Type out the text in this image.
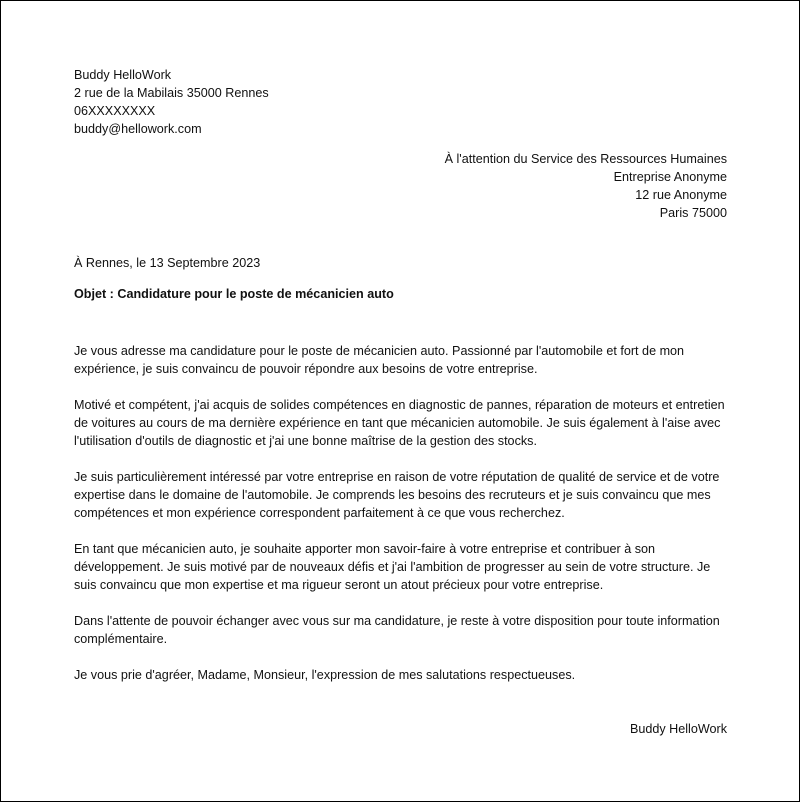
Buddy HelloWork
2 rue de la Mabilais 35000 Rennes
06XXXXXXXX
buddy@hellowork.com
À l'attention du Service des Ressources Humaines
Entreprise Anonyme
12 rue Anonyme
Paris 75000
À Rennes, le 13 Septembre 2023
Objet : Candidature pour le poste de mécanicien auto

Je vous adresse ma candidature pour le poste de mécanicien auto. Passionné par l'automobile et fort de mon expérience, je suis convaincu de pouvoir répondre aux besoins de votre entreprise.

Motivé et compétent, j'ai acquis de solides compétences en diagnostic de pannes, réparation de moteurs et entretien de voitures au cours de ma dernière expérience en tant que mécanicien automobile. Je suis également à l'aise avec l'utilisation d'outils de diagnostic et j'ai une bonne maîtrise de la gestion des stocks.

Je suis particulièrement intéressé par votre entreprise en raison de votre réputation de qualité de service et de votre expertise dans le domaine de l'automobile. Je comprends les besoins des recruteurs et je suis convaincu que mes compétences et mon expérience correspondent parfaitement à ce que vous recherchez.

En tant que mécanicien auto, je souhaite apporter mon savoir-faire à votre entreprise et contribuer à son développement. Je suis motivé par de nouveaux défis et j'ai l'ambition de progresser au sein de votre structure. Je suis convaincu que mon expertise et ma rigueur seront un atout précieux pour votre entreprise.

Dans l'attente de pouvoir échanger avec vous sur ma candidature, je reste à votre disposition pour toute information complémentaire.

Je vous prie d'agréer, Madame, Monsieur, l'expression de mes salutations respectueuses.

Buddy HelloWork
